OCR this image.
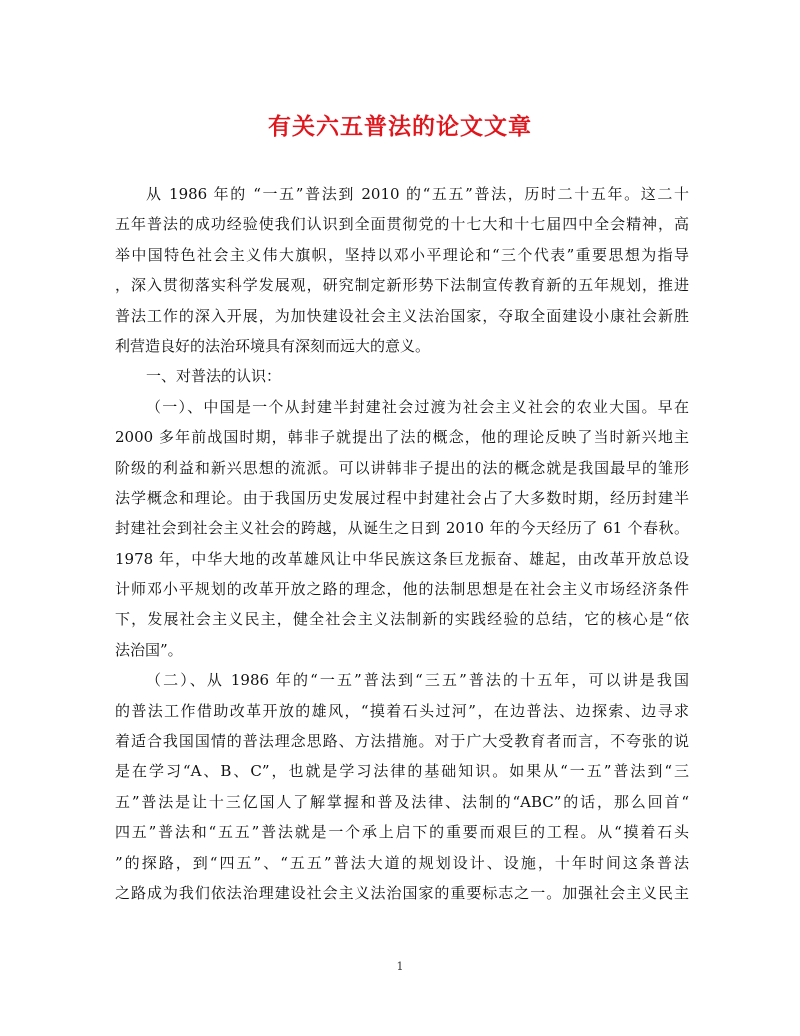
有关六五普法的论文文章
从 1986 年的 “一五”普法到 2010 的“五五”普法，历时二十五年。这二十
五年普法的成功经验使我们认识到全面贯彻党的十七大和十七届四中全会精神，高
举中国特色社会主义伟大旗帜，坚持以邓小平理论和“三个代表”重要思想为指导
，深入贯彻落实科学发展观，研究制定新形势下法制宣传教育新的五年规划，推进
普法工作的深入开展，为加快建设社会主义法治国家，夺取全面建设小康社会新胜
利营造良好的法治环境具有深刻而远大的意义。
一、对普法的认识：
（一）、中国是一个从封建半封建社会过渡为社会主义社会的农业大国。早在
2000 多年前战国时期，韩非子就提出了法的概念，他的理论反映了当时新兴地主
阶级的利益和新兴思想的流派。可以讲韩非子提出的法的概念就是我国最早的雏形
法学概念和理论。由于我国历史发展过程中封建社会占了大多数时期，经历封建半
封建社会到社会主义社会的跨越，从诞生之日到 2010 年的今天经历了 61 个春秋。
1978 年，中华大地的改革雄风让中华民族这条巨龙振奋、雄起，由改革开放总设
计师邓小平规划的改革开放之路的理念，他的法制思想是在社会主义市场经济条件
下，发展社会主义民主，健全社会主义法制新的实践经验的总结，它的核心是“依
法治国”。
（二）、从 1986 年的“一五”普法到“三五”普法的十五年，可以讲是我国
的普法工作借助改革开放的雄风，“摸着石头过河”，在边普法、边探索、边寻求
着适合我国国情的普法理念思路、方法措施。对于广大受教育者而言，不夸张的说
是在学习“A、B、C”，也就是学习法律的基础知识。如果从“一五”普法到“三
五”普法是让十三亿国人了解掌握和普及法律、法制的“ABC”的话，那么回首“
四五”普法和“五五”普法就是一个承上启下的重要而艰巨的工程。从“摸着石头
”的探路，到“四五”、“五五”普法大道的规划设计、设施，十年时间这条普法
之路成为我们依法治理建设社会主义法治国家的重要标志之一。加强社会主义民主
1
